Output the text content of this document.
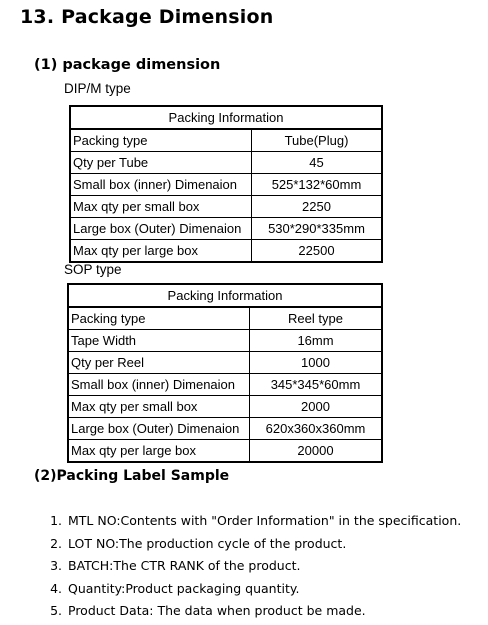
13. Package Dimension
(1) package dimension
DIP/M type
Packing Information	
Packing type	Tube(Plug)
Qty per Tube	45
Small box (inner) Dimenaion	525*132*60mm
Max qty per small box	2250
Large box (Outer) Dimenaion	530*290*335mm
Max qty per large box	22500
SOP type
Packing Information	
Packing type	Reel type
Tape Width	16mm
Qty per Reel	1000
Small box (inner) Dimenaion	345*345*60mm
Max qty per small box	2000
Large box (Outer) Dimenaion	620x360x360mm
Max qty per large box	20000
(2)Packing Label Sample
1. MTL NO:Contents with "Order Information" in the specification.
2. LOT NO:The production cycle of the product.
3. BATCH:The CTR RANK of the product.
4. Quantity:Product packaging quantity.
5. Product Data: The data when product be made.
